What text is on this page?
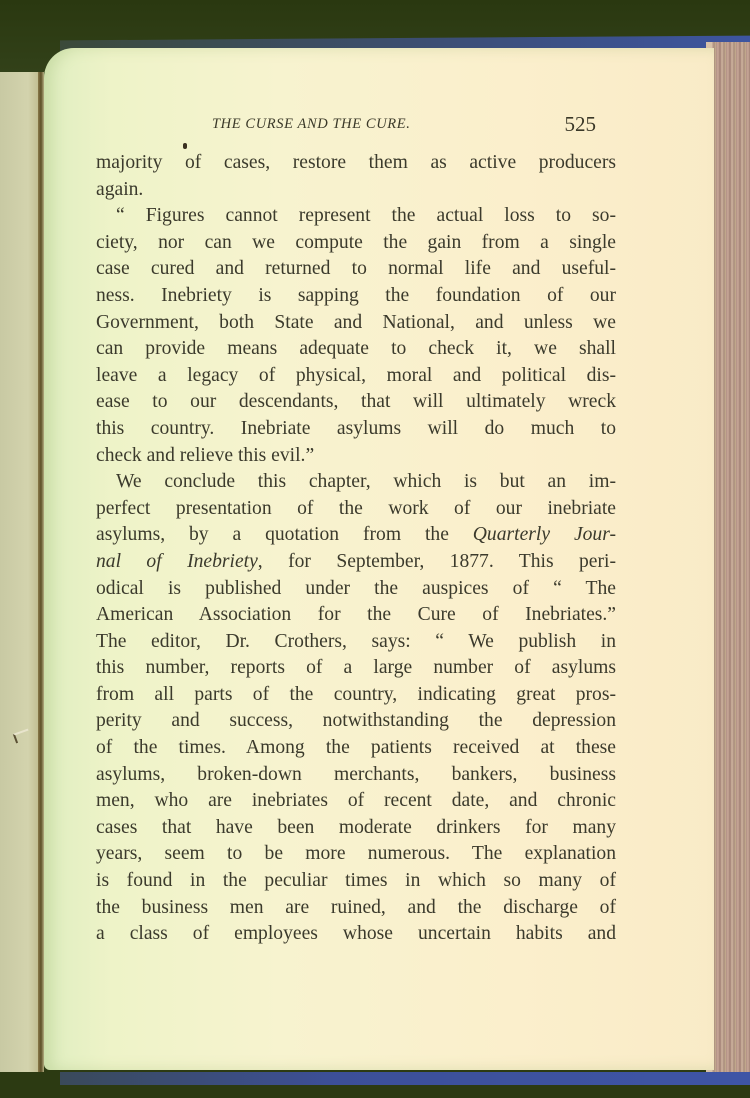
THE CURSE AND THE CURE.	525
majority of cases, restore them as active producers
again.
“ Figures cannot represent the actual loss to so-
ciety, nor can we compute the gain from a single
case cured and returned to normal life and useful-
ness. Inebriety is sapping the foundation of our
Government, both State and National, and unless we
can provide means adequate to check it, we shall
leave a legacy of physical, moral and political dis-
ease to our descendants, that will ultimately wreck
this country. Inebriate asylums will do much to
check and relieve this evil.”
We conclude this chapter, which is but an im-
perfect presentation of the work of our inebriate
asylums, by a quotation from the Quarterly Jour-
nal of Inebriety, for September, 1877. This peri-
odical is published under the auspices of “ The
American Association for the Cure of Inebriates.”
The editor, Dr. Crothers, says: “ We publish in
this number, reports of a large number of asylums
from all parts of the country, indicating great pros-
perity and success, notwithstanding the depression
of the times. Among the patients received at these
asylums, broken-down merchants, bankers, business
men, who are inebriates of recent date, and chronic
cases that have been moderate drinkers for many
years, seem to be more numerous. The explanation
is found in the peculiar times in which so many of
the business men are ruined, and the discharge of
a class of employees whose uncertain habits and
